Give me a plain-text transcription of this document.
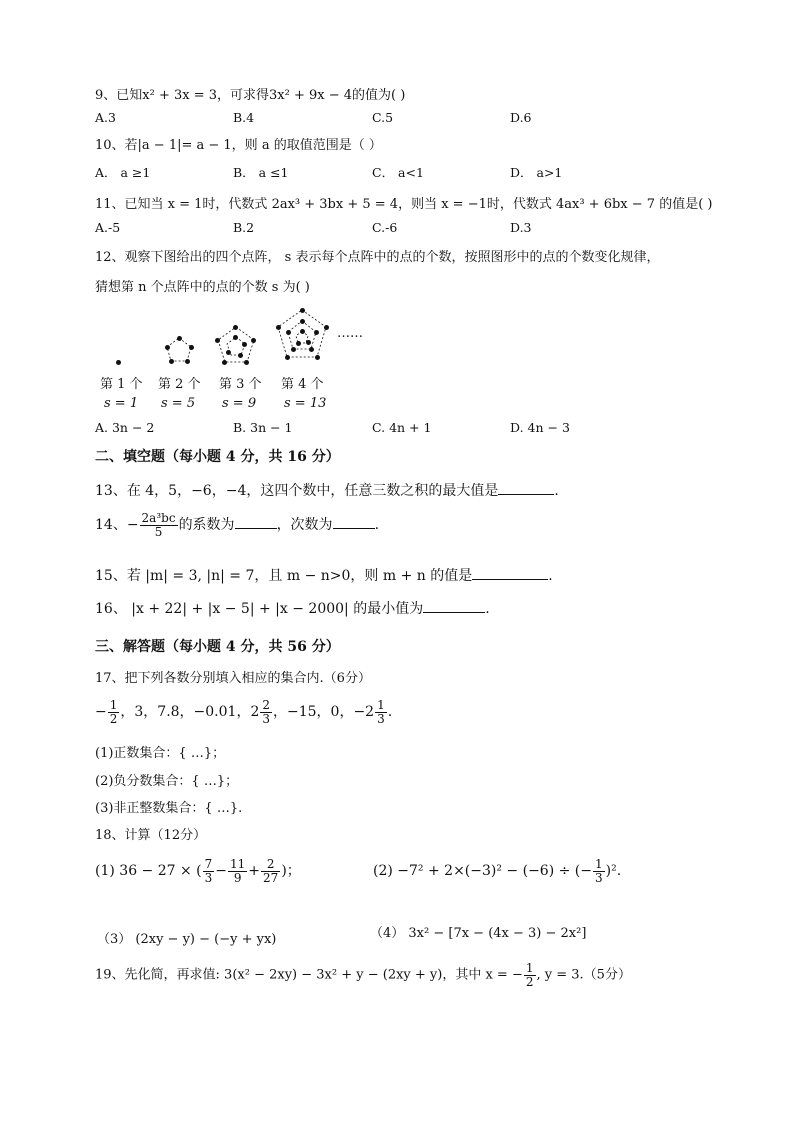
9、已知x² + 3x = 3，可求得3x² + 9x − 4的值为( )
A.3	B.4	C.5	D.6
10、若|a − 1|= a − 1，则 a 的取值范围是（ ）
A． a ≥1	B． a ≤1	C． a<1	D． a>1
11、已知当 x = 1时，代数式 2ax³ + 3bx + 5 = 4，则当 x = −1时，代数式 4ax³ + 6bx − 7 的值是( )
A.-5	B.2	C.-6	D.3
12、观察下图给出的四个点阵， s 表示每个点阵中的点的个数，按照图形中的点的个数变化规律，
猜想第 n 个点阵中的点的个数 s 为( )
……
第 1 个 第 2 个 第 3 个 第 4 个
s = 1 s = 5 s = 9 s = 13
A. 3n − 2	B. 3n − 1	C. 4n + 1	D. 4n − 3
二、填空题（每小题 4 分，共 16 分）
13、在 4，5，−6，−4，这四个数中，任意三数之积的最大值是	.
14、− $\frac{\text{2a³bc}}{5}$ 的系数为	，次数为	.
15、若 |m| = 3, |n| = 7，且 m − n>0，则 m + n 的值是	.
16、 |x + 22| + |x − 5| + |x − 2000| 的最小值为	.
三、解答题（每小题 4 分，共 56 分）
17、把下列各数分别填入相应的集合内.（6分）
− $\frac{1}{2}$ ，3，7.8，−0.01，$2 \frac{2}{3}$ ，−15，0，$-2 \frac{1}{3}$ .
(1)正数集合：{ …}；
(2)负分数集合：{ …}；
(3)非正整数集合：{ …}.
18、计算（12分）
(1) 36 − 27 × ( $\frac{7}{3} - \frac{11}{9} + \frac{2}{27}$ )；	(2) −7² + 2×(−3)² − (−6) ÷ (− $\frac{1}{3} )^2$.
（3） (2xy − y) − (−y + yx)	（4） 3x² − [7x − (4x − 3) − 2x²]
19、先化简，再求值: 3(x² − 2xy) − 3x² + y − (2xy + y)，其中 x = − $\frac{1}{2}$ , y = 3.（5分）
